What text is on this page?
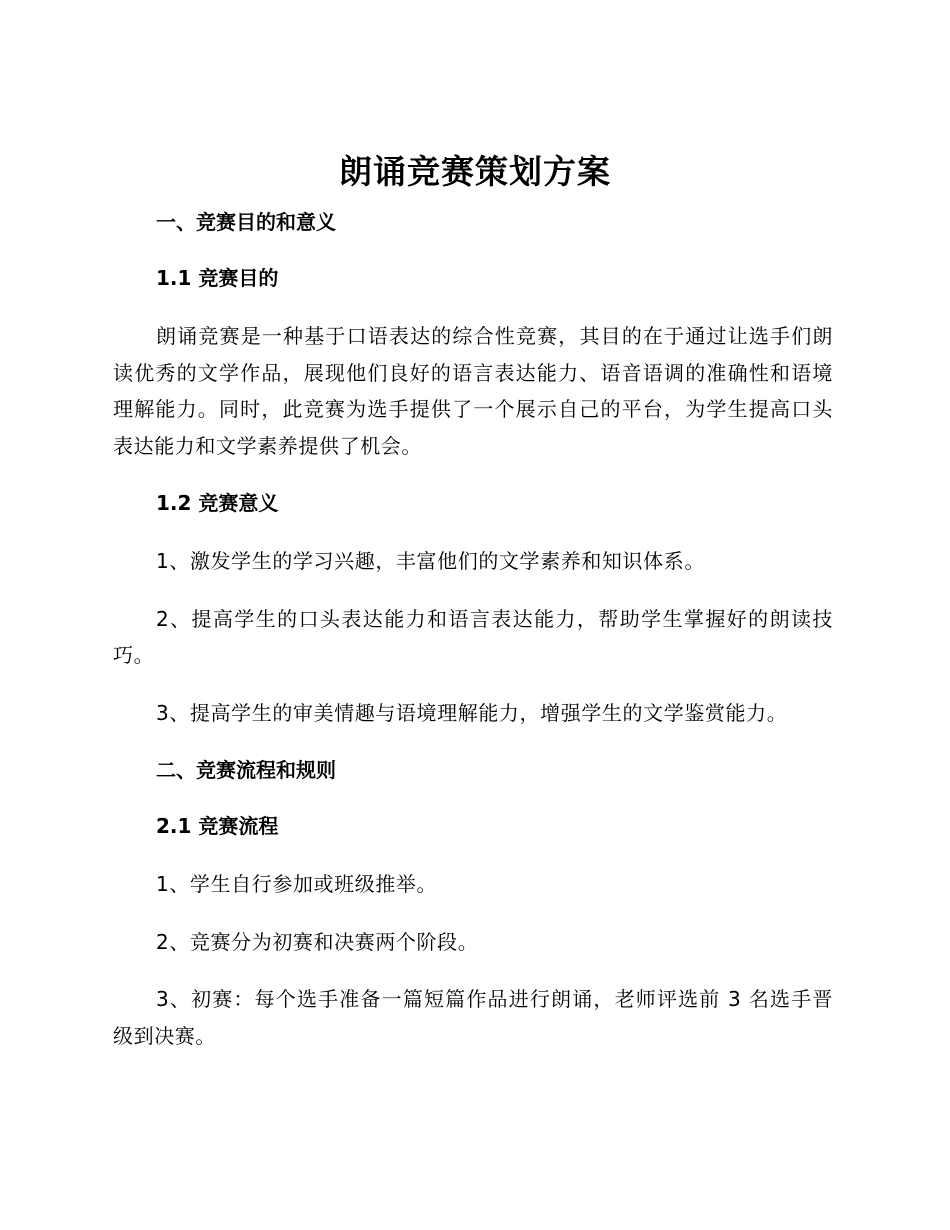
朗诵竞赛策划方案
一、竞赛目的和意义
1.1 竞赛目的
朗诵竞赛是一种基于口语表达的综合性竞赛，其目的在于通过让选手们朗读优秀的文学作品，展现他们良好的语言表达能力、语音语调的准确性和语境理解能力。同时，此竞赛为选手提供了一个展示自己的平台，为学生提高口头表达能力和文学素养提供了机会。
1.2 竞赛意义
1、激发学生的学习兴趣，丰富他们的文学素养和知识体系。
2、提高学生的口头表达能力和语言表达能力，帮助学生掌握好的朗读技巧。
3、提高学生的审美情趣与语境理解能力，增强学生的文学鉴赏能力。
二、竞赛流程和规则
2.1 竞赛流程
1、学生自行参加或班级推举。
2、竞赛分为初赛和决赛两个阶段。
3、初赛：每个选手准备一篇短篇作品进行朗诵，老师评选前 3 名选手晋级到决赛。
